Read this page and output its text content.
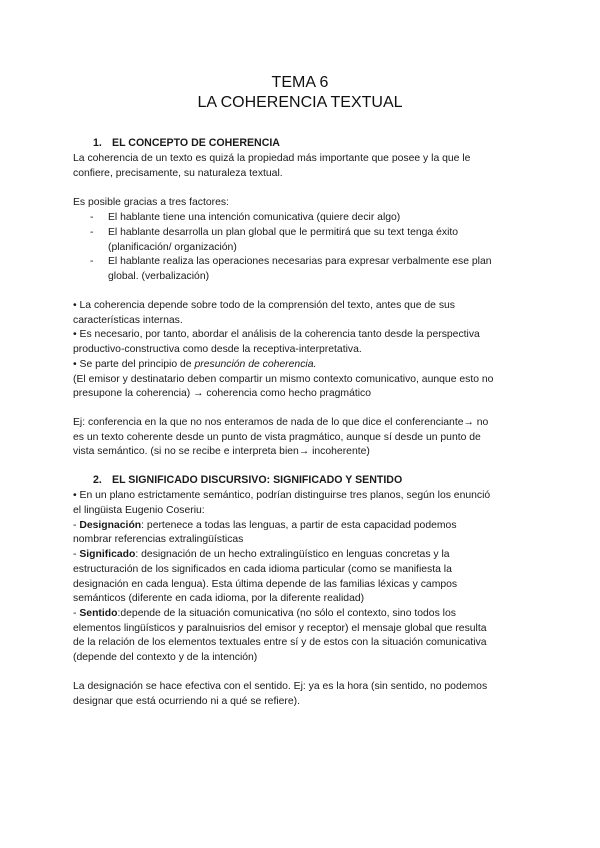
TEMA 6
LA COHERENCIA TEXTUAL
1. EL CONCEPTO DE COHERENCIA
La coherencia de un texto es quizá la propiedad más importante que posee y la que le
confiere, precisamente, su naturaleza textual.
Es posible gracias a tres factores:
- El hablante tiene una intención comunicativa (quiere decir algo)
- El hablante desarrolla un plan global que le permitirá que su text tenga éxito
(planificación/ organización)
- El hablante realiza las operaciones necesarias para expresar verbalmente ese plan
global. (verbalización)
• La coherencia depende sobre todo de la comprensión del texto, antes que de sus
características internas.
• Es necesario, por tanto, abordar el análisis de la coherencia tanto desde la perspectiva
productivo-constructiva como desde la receptiva-interpretativa.
• Se parte del principio de presunción de coherencia.
(El emisor y destinatario deben compartir un mismo contexto comunicativo, aunque esto no
presupone la coherencia) → coherencia como hecho pragmático
Ej: conferencia en la que no nos enteramos de nada de lo que dice el conferenciante→ no
es un texto coherente desde un punto de vista pragmático, aunque sí desde un punto de
vista semántico. (si no se recibe e interpreta bien→ incoherente)
2. EL SIGNIFICADO DISCURSIVO: SIGNIFICADO Y SENTIDO
• En un plano estrictamente semántico, podrían distinguirse tres planos, según los enunció
el lingüista Eugenio Coseriu:
- Designación: pertenece a todas las lenguas, a partir de esta capacidad podemos
nombrar referencias extralingüísticas
- Significado: designación de un hecho extralingüístico en lenguas concretas y la
estructuración de los significados en cada idioma particular (como se manifiesta la
designación en cada lengua). Esta última depende de las familias léxicas y campos
semánticos (diferente en cada idioma, por la diferente realidad)
- Sentido:depende de la situación comunicativa (no sólo el contexto, sino todos los
elementos lingüísticos y paralnuisrios del emisor y receptor) el mensaje global que resulta
de la relación de los elementos textuales entre sí y de estos con la situación comunicativa
(depende del contexto y de la intención)
La designación se hace efectiva con el sentido. Ej: ya es la hora (sin sentido, no podemos
designar que está ocurriendo ni a qué se refiere).
